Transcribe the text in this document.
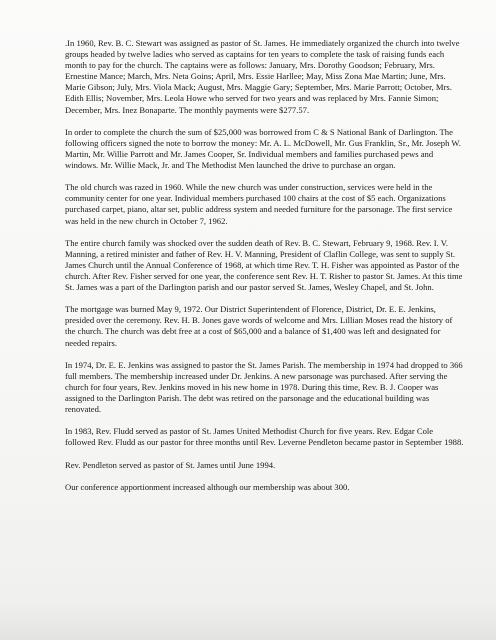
.In 1960, Rev. B. C. Stewart was assigned as pastor of St. James. He immediately organized the church into twelve groups headed by twelve ladies who served as captains for ten years to complete the task of raising funds each month to pay for the church. The captains were as follows: January, Mrs. Dorothy Goodson; February, Mrs. Ernestine Mance; March, Mrs. Neta Goins; April, Mrs. Essie Harllee; May, Miss Zona Mae Martin; June, Mrs. Marie Gibson; July, Mrs. Viola Mack; August, Mrs. Maggie Gary; September, Mrs. Marie Parrott; October, Mrs. Edith Ellis; November, Mrs. Leola Howe who served for two years and was replaced by Mrs. Fannie Simon; December, Mrs. Inez Bonaparte. The monthly payments were $277.57.

In order to complete the church the sum of $25,000 was borrowed from C & S National Bank of Darlington. The following officers signed the note to borrow the money: Mr. A. L. McDowell, Mr. Gus Franklin, Sr., Mr. Joseph W. Martin, Mr. Willie Parrott and Mr. James Cooper, Sr. Individual members and families purchased pews and windows. Mr. Willie Mack, Jr. and The Methodist Men launched the drive to purchase an organ.

The old church was razed in 1960. While the new church was under construction, services were held in the community center for one year. Individual members purchased 100 chairs at the cost of $5 each. Organizations purchased carpet, piano, altar set, public address system and needed furniture for the parsonage. The first service was held in the new church in October 7, 1962.

The entire church family was shocked over the sudden death of Rev. B. C. Stewart, February 9, 1968. Rev. I. V. Manning, a retired minister and father of Rev. H. V. Manning, President of Claflin College, was sent to supply St. James Church until the Annual Conference of 1968, at which time Rev. T. H. Fisher was appointed as Pastor of the church. After Rev. Fisher served for one year, the conference sent Rev. H. T. Risher to pastor St. James. At this time St. James was a part of the Darlington parish and our pastor served St. James, Wesley Chapel, and St. John.

The mortgage was burned May 9, 1972. Our District Superintendent of Florence, District, Dr. E. E. Jenkins, presided over the ceremony. Rev. H. B. Jones gave words of welcome and Mrs. Lillian Moses read the history of the church. The church was debt free at a cost of $65,000 and a balance of $1,400 was left and designated for needed repairs.

In 1974, Dr. E. E. Jenkins was assigned to pastor the St. James Parish. The membership in 1974 had dropped to 366 full members. The membership increased under Dr. Jenkins. A new parsonage was purchased. After serving the church for four years, Rev. Jenkins moved in his new home in 1978. During this time, Rev. B. J. Cooper was assigned to the Darlington Parish. The debt was retired on the parsonage and the educational building was renovated.

In 1983, Rev. Fludd served as pastor of St. James United Methodist Church for five years. Rev. Edgar Cole followed Rev. Fludd as our pastor for three months until Rev. Leverne Pendleton became pastor in September 1988.

Rev. Pendleton served as pastor of St. James until June 1994.

Our conference apportionment increased although our membership was about 300.
